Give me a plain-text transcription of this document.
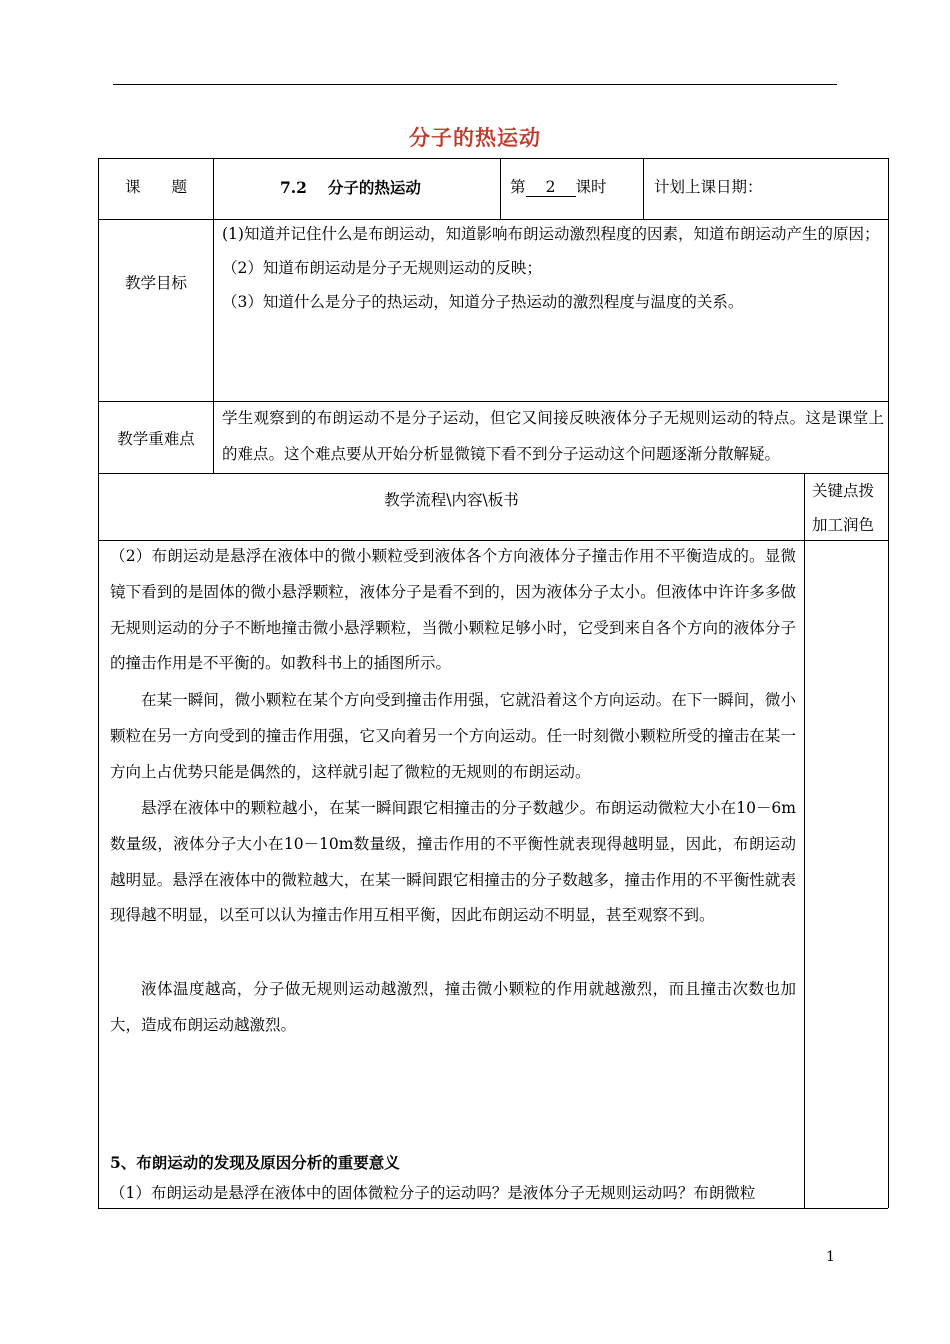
分子的热运动
课　　题	7.2　 分子的热运动	第 2 课时	计划上课日期：
教学目标
(1)知道并记住什么是布朗运动，知道影响布朗运动激烈程度的因素，知道布朗运动产生的原因；
（2）知道布朗运动是分子无规则运动的反映；
（3）知道什么是分子的热运动，知道分子热运动的激烈程度与温度的关系。
教学重难点
学生观察到的布朗运动不是分子运动，但它又间接反映液体分子无规则运动的特点。这是课堂上的难点。这个难点要从开始分析显微镜下看不到分子运动这个问题逐渐分散解疑。
教学流程\内容\板书	关键点拨加工润色
（2）布朗运动是悬浮在液体中的微小颗粒受到液体各个方向液体分子撞击作用不平衡造成的。显微镜下看到的是固体的微小悬浮颗粒，液体分子是看不到的，因为液体分子太小。但液体中许许多多做无规则运动的分子不断地撞击微小悬浮颗粒，当微小颗粒足够小时，它受到来自各个方向的液体分子的撞击作用是不平衡的。如教科书上的插图所示。
在某一瞬间，微小颗粒在某个方向受到撞击作用强，它就沿着这个方向运动。在下一瞬间，微小颗粒在另一方向受到的撞击作用强，它又向着另一个方向运动。任一时刻微小颗粒所受的撞击在某一方向上占优势只能是偶然的，这样就引起了微粒的无规则的布朗运动。
悬浮在液体中的颗粒越小，在某一瞬间跟它相撞击的分子数越少。布朗运动微粒大小在10－6m数量级，液体分子大小在10－10m数量级，撞击作用的不平衡性就表现得越明显，因此，布朗运动越明显。悬浮在液体中的微粒越大，在某一瞬间跟它相撞击的分子数越多，撞击作用的不平衡性就表现得越不明显，以至可以认为撞击作用互相平衡，因此布朗运动不明显，甚至观察不到。
液体温度越高，分子做无规则运动越激烈，撞击微小颗粒的作用就越激烈，而且撞击次数也加大，造成布朗运动越激烈。
5、布朗运动的发现及原因分析的重要意义
（1）布朗运动是悬浮在液体中的固体微粒分子的运动吗？是液体分子无规则运动吗？布朗微粒
1
